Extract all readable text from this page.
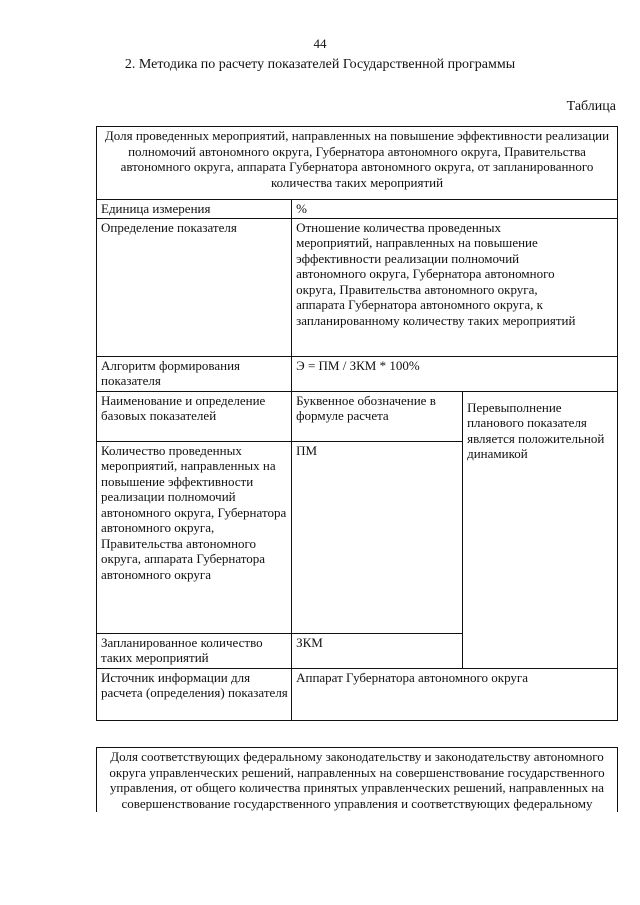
44
2. Методика по расчету показателей Государственной программы
Таблица
Доля проведенных мероприятий, направленных на повышение эффективности реализации полномочий автономного округа, Губернатора автономного округа, Правительства автономного округа, аппарата Губернатора автономного округа, от запланированного количества таких мероприятий		
Единица измерения	%	
Определение показателя	Отношение количества проведенных мероприятий, направленных на повышение эффективности реализации полномочий автономного округа, Губернатора автономного округа, Правительства автономного округа, аппарата Губернатора автономного округа, к запланированному количеству таких мероприятий	
Алгоритм формирования показателя	Э = ПМ / ЗКМ * 100%	
Наименование и определение базовых показателей	Буквенное обозначение в формуле расчета	Перевыполнение планового показателя является положительной динамикой
Количество проведенных мероприятий, направленных на повышение эффективности реализации полномочий автономного округа, Губернатора автономного округа, Правительства автономного округа, аппарата Губернатора автономного округа	ПМ	
Запланированное количество таких мероприятий	ЗКМ	
Источник информации для расчета (определения) показателя	Аппарат Губернатора автономного округа	
Доля соответствующих федеральному законодательству и законодательству автономного округа управленческих решений, направленных на совершенствование государственного управления, от общего количества принятых управленческих решений, направленных на совершенствование государственного управления и соответствующих федеральному
